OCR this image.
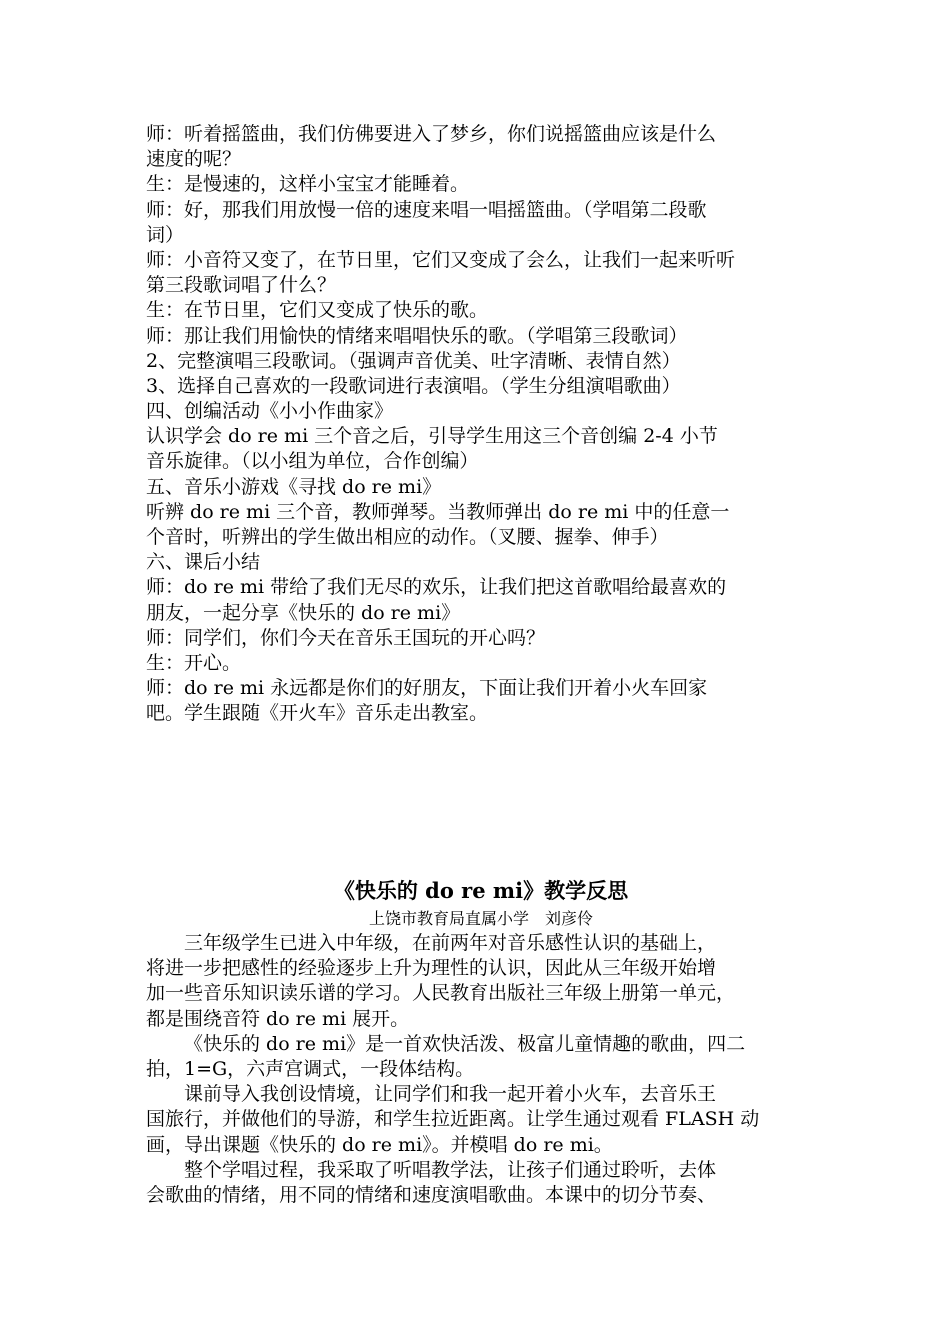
师：听着摇篮曲，我们仿佛要进入了梦乡，你们说摇篮曲应该是什么
速度的呢？
生：是慢速的，这样小宝宝才能睡着。
师：好，那我们用放慢一倍的速度来唱一唱摇篮曲。（学唱第二段歌
词）
师：小音符又变了，在节日里，它们又变成了会么，让我们一起来听听
第三段歌词唱了什么？
生：在节日里，它们又变成了快乐的歌。
师：那让我们用愉快的情绪来唱唱快乐的歌。（学唱第三段歌词）
2、完整演唱三段歌词。（强调声音优美、吐字清晰、表情自然）
3、选择自己喜欢的一段歌词进行表演唱。（学生分组演唱歌曲）
四、创编活动《小小作曲家》
认识学会 do re mi 三个音之后，引导学生用这三个音创编 2-4 小节
音乐旋律。（以小组为单位，合作创编）
五、音乐小游戏《寻找 do re mi》
听辨 do re mi 三个音，教师弹琴。当教师弹出 do re mi 中的任意一
个音时，听辨出的学生做出相应的动作。（叉腰、握拳、伸手）
六、课后小结
师：do re mi 带给了我们无尽的欢乐，让我们把这首歌唱给最喜欢的
朋友，一起分享《快乐的 do re mi》
师：同学们，你们今天在音乐王国玩的开心吗？
生：开心。
师：do re mi 永远都是你们的好朋友，下面让我们开着小火车回家
吧。学生跟随《开火车》音乐走出教室。
《快乐的 do re mi》教学反思
上饶市教育局直属小学　刘彦伶
三年级学生已进入中年级，在前两年对音乐感性认识的基础上，
将进一步把感性的经验逐步上升为理性的认识，因此从三年级开始增
加一些音乐知识读乐谱的学习。人民教育出版社三年级上册第一单元，
都是围绕音符 do re mi 展开。
《快乐的 do re mi》是一首欢快活泼、极富儿童情趣的歌曲，四二
拍，1=G，六声宫调式，一段体结构。
课前导入我创设情境，让同学们和我一起开着小火车，去音乐王
国旅行，并做他们的导游，和学生拉近距离。让学生通过观看 FLASH 动
画，导出课题《快乐的 do re mi》。并模唱 do re mi。
整个学唱过程，我采取了听唱教学法，让孩子们通过聆听，去体
会歌曲的情绪，用不同的情绪和速度演唱歌曲。本课中的切分节奏、
